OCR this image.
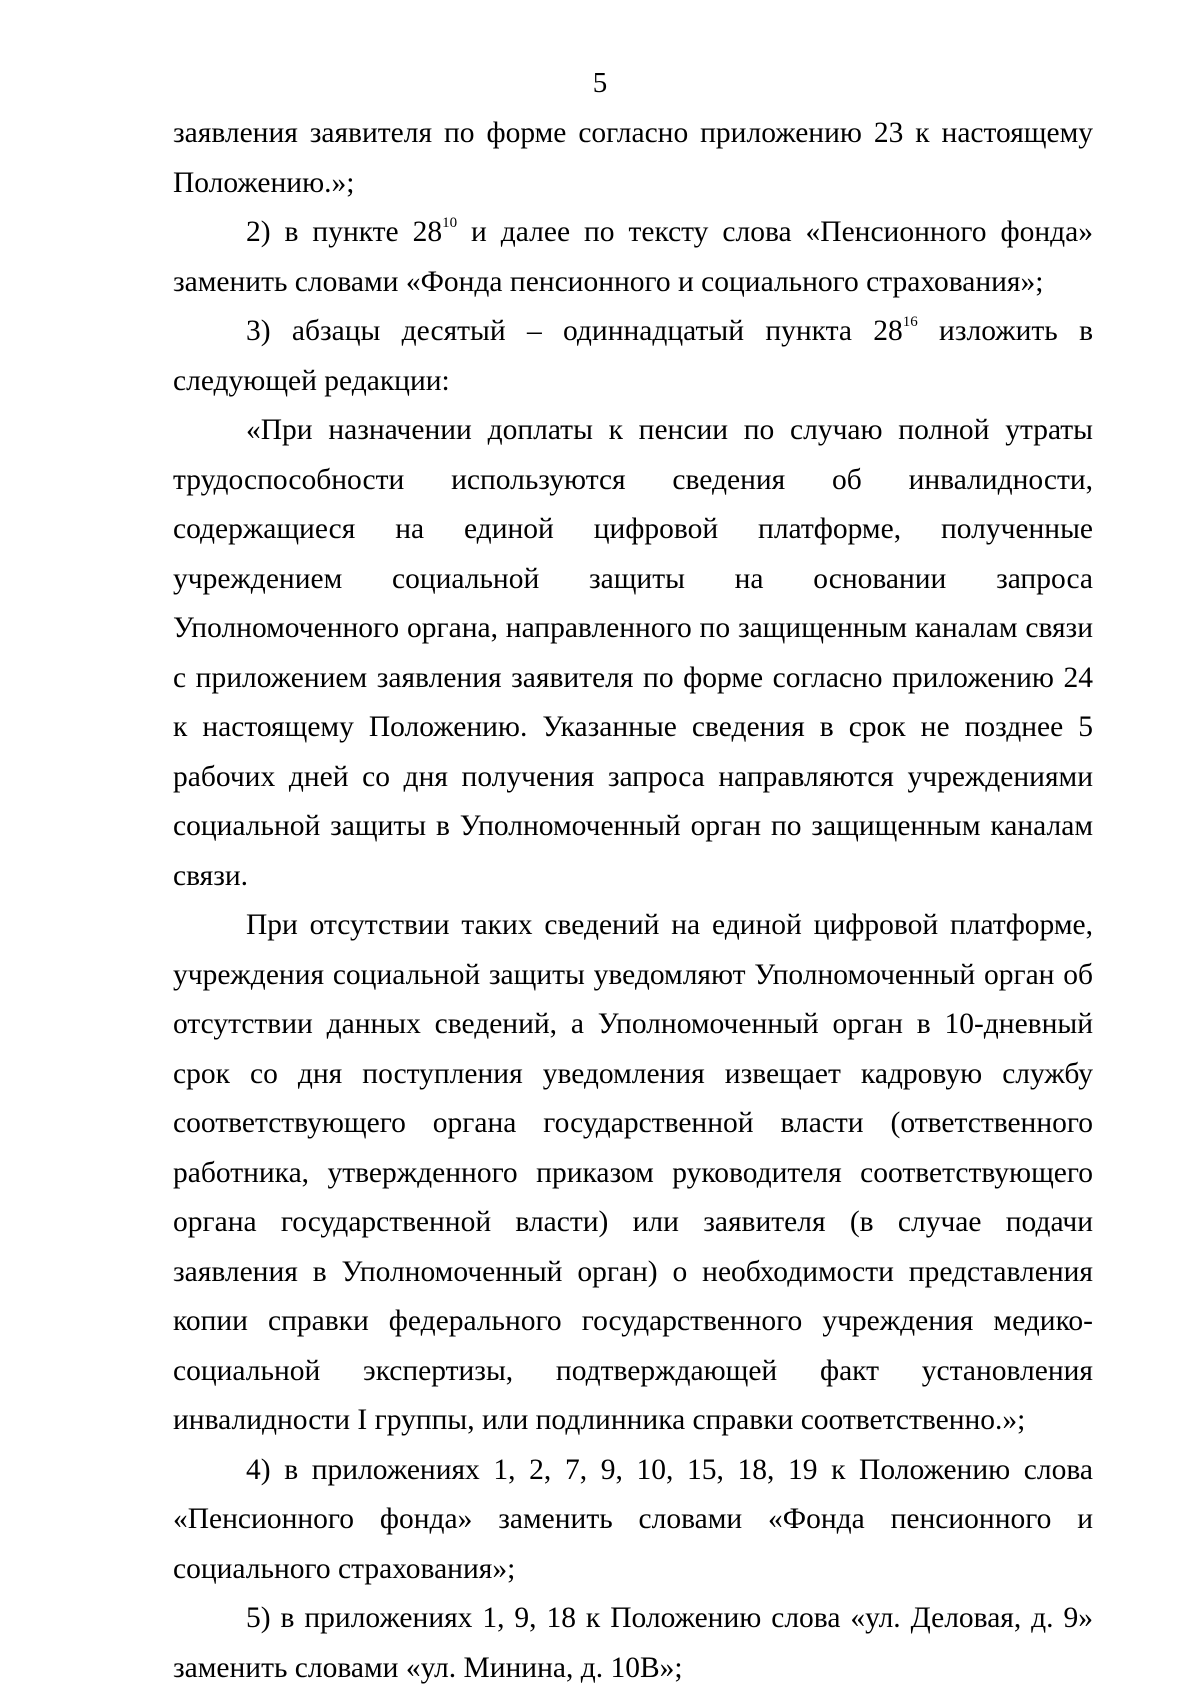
5

заявления заявителя по форме согласно приложению 23 к настоящему Положению.»;

2) в пункте $28^{10}$ и далее по тексту слова «Пенсионного фонда» заменить словами «Фонда пенсионного и социального страхования»;

3) абзацы десятый – одиннадцатый пункта $28^{16}$ изложить в следующей редакции:

«При назначении доплаты к пенсии по случаю полной утраты трудоспособности используются сведения об инвалидности, содержащиеся на единой цифровой платформе, полученные учреждением социальной защиты на основании запроса Уполномоченного органа, направленного по защищенным каналам связи с приложением заявления заявителя по форме согласно приложению 24 к настоящему Положению. Указанные сведения в срок не позднее 5 рабочих дней со дня получения запроса направляются учреждениями социальной защиты в Уполномоченный орган по защищенным каналам связи.

При отсутствии таких сведений на единой цифровой платформе, учреждения социальной защиты уведомляют Уполномоченный орган об отсутствии данных сведений, а Уполномоченный орган в 10-дневный срок со дня поступления уведомления извещает кадровую службу соответствующего органа государственной власти (ответственного работника, утвержденного приказом руководителя соответствующего органа государственной власти) или заявителя (в случае подачи заявления в Уполномоченный орган) о необходимости представления копии справки федерального государственного учреждения медико-социальной экспертизы, подтверждающей факт установления инвалидности I группы, или подлинника справки соответственно.»;

4) в приложениях 1, 2, 7, 9, 10, 15, 18, 19 к Положению слова «Пенсионного фонда» заменить словами «Фонда пенсионного и социального страхования»;

5) в приложениях 1, 9, 18 к Положению слова «ул. Деловая, д. 9» заменить словами «ул. Минина, д. 10В»;
